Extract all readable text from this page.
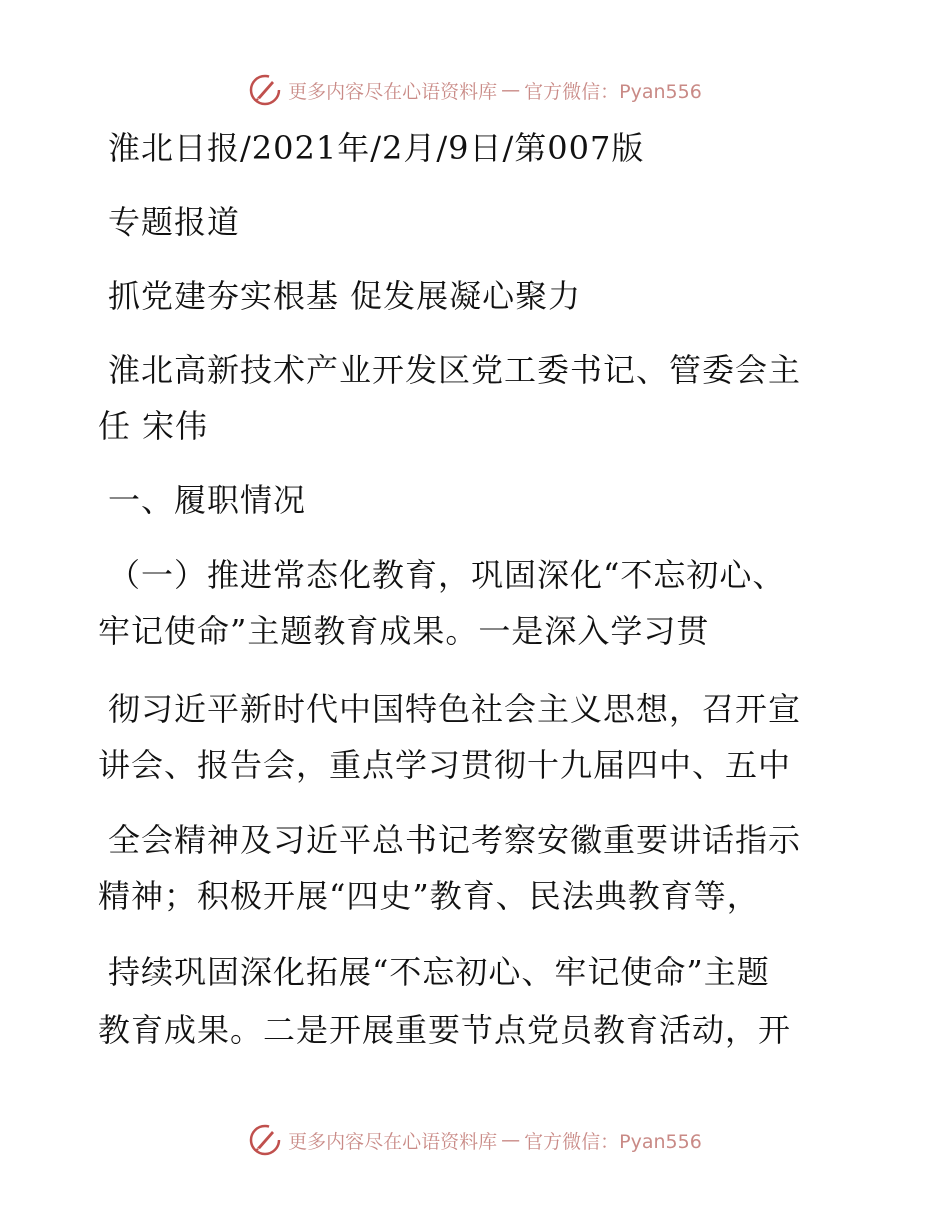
更多内容尽在心语资料库 — 官方微信：Pyan556
淮北日报/2021年/2月/9日/第007版
专题报道
抓党建夯实根基 促发展凝心聚力
淮北高新技术产业开发区党工委书记、管委会主
任 宋伟
一、履职情况
（一）推进常态化教育，巩固深化“不忘初心、
牢记使命”主题教育成果。一是深入学习贯
彻习近平新时代中国特色社会主义思想，召开宣
讲会、报告会，重点学习贯彻十九届四中、五中
全会精神及习近平总书记考察安徽重要讲话指示
精神；积极开展“四史”教育、民法典教育等，
持续巩固深化拓展“不忘初心、牢记使命”主题
教育成果。二是开展重要节点党员教育活动，开
更多内容尽在心语资料库 — 官方微信：Pyan556
